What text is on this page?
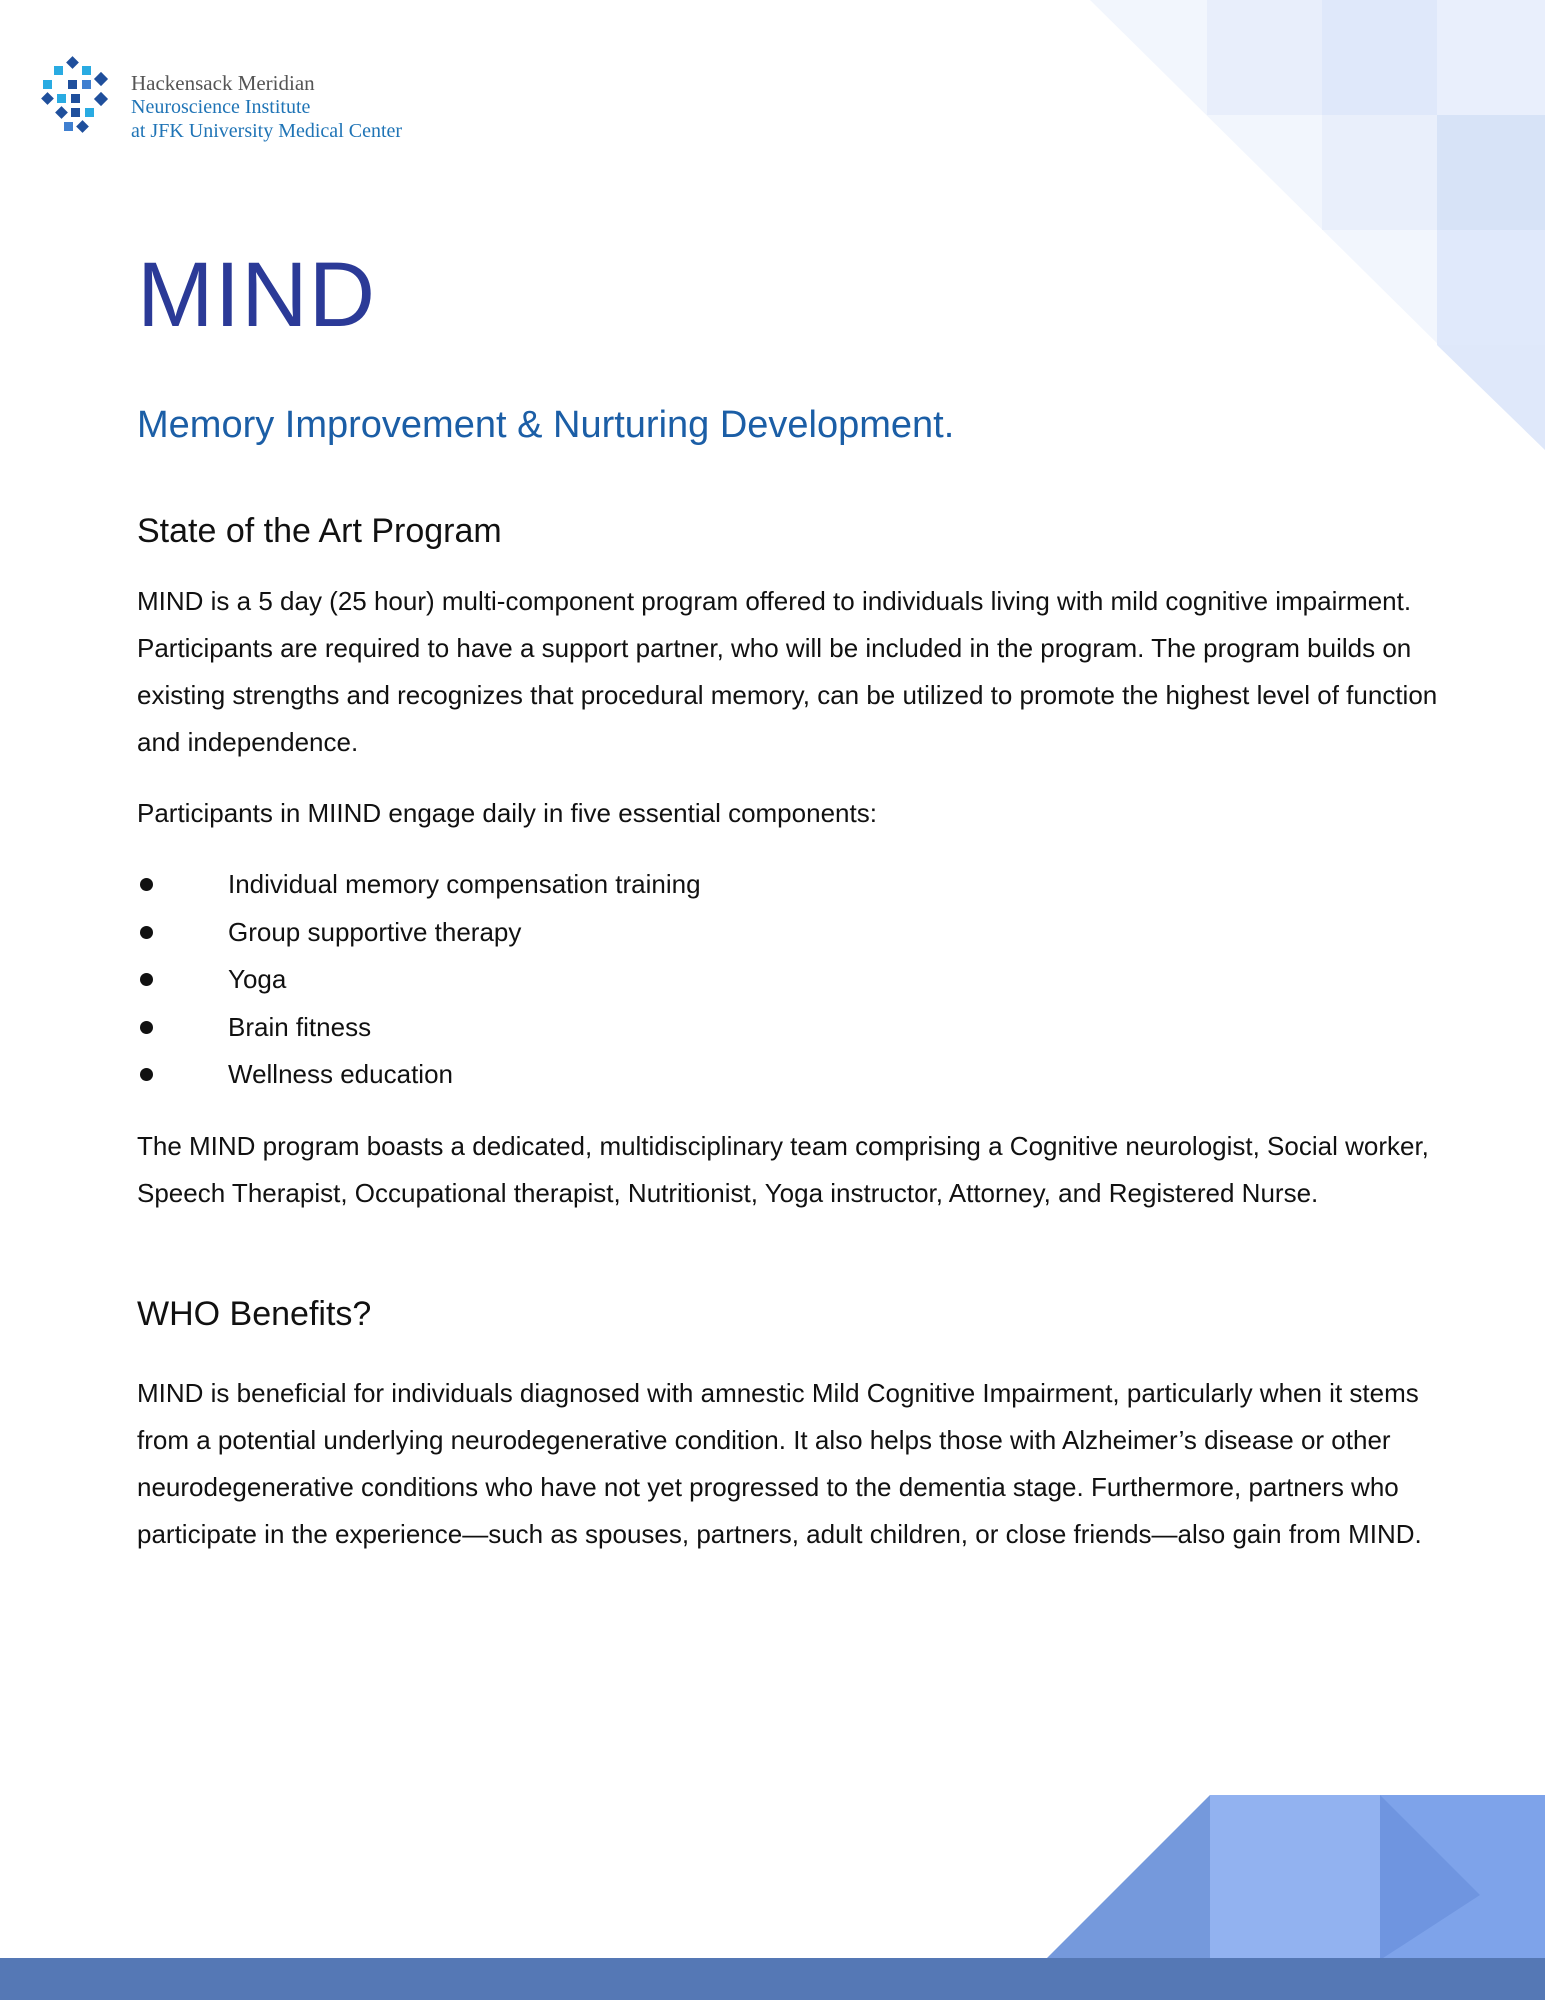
Hackensack Meridian
Neuroscience Institute
at JFK University Medical Center
MIND
Memory Improvement & Nurturing Development.
State of the Art Program

MIND is a 5 day (25 hour) multi-component program offered to individuals living with mild cognitive impairment. Participants are required to have a support partner, who will be included in the program. The program builds on existing strengths and recognizes that procedural memory, can be utilized to promote the highest level of function and independence.

Participants in MIIND engage daily in five essential components:

Individual memory compensation training
Group supportive therapy
Yoga
Brain fitness
Wellness education

The MIND program boasts a dedicated, multidisciplinary team comprising a Cognitive neurologist, Social worker, Speech Therapist, Occupational therapist, Nutritionist, Yoga instructor, Attorney, and Registered Nurse.

WHO Benefits?

MIND is beneficial for individuals diagnosed with amnestic Mild Cognitive Impairment, particularly when it stems from a potential underlying neurodegenerative condition. It also helps those with Alzheimer’s disease or other neurodegenerative conditions who have not yet progressed to the dementia stage. Furthermore, partners who participate in the experience—such as spouses, partners, adult children, or close friends—also gain from MIND.
